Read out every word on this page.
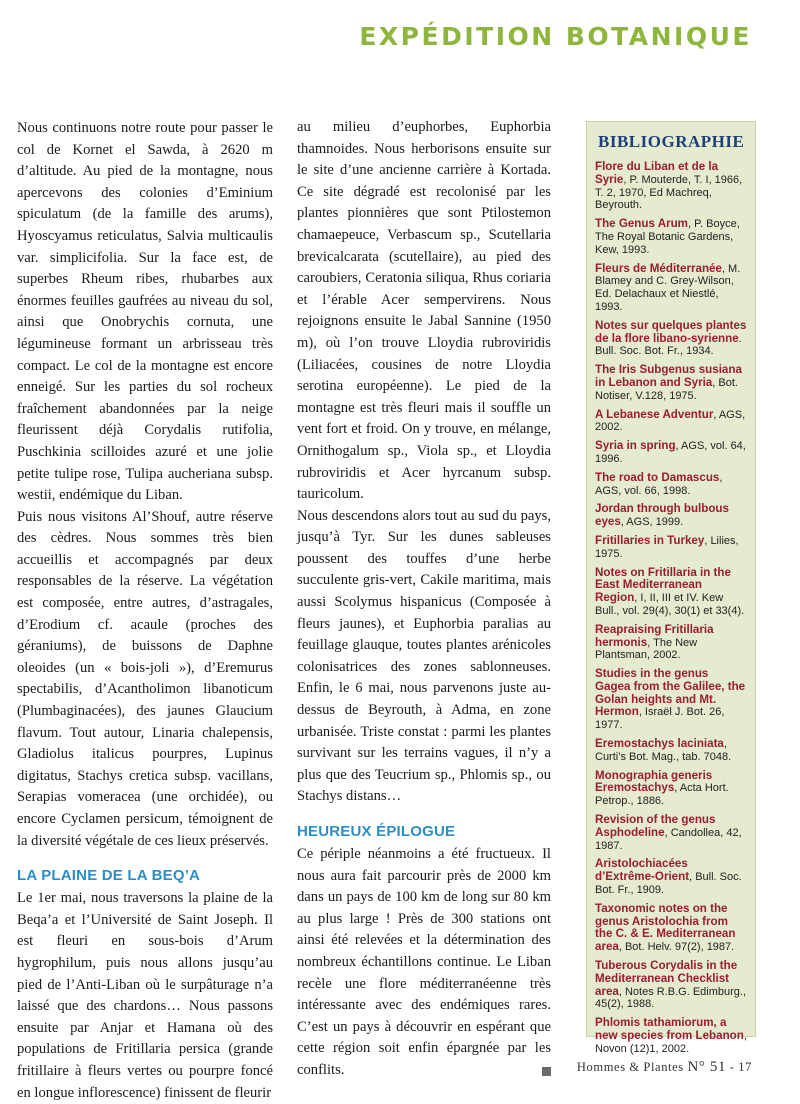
EXPÉDITION BOTANIQUE

Nous continuons notre route pour passer le col de Kornet el Sawda, à 2620 m d’altitude. Au pied de la montagne, nous apercevons des colonies d’Eminium spiculatum (de la famille des arums), Hyoscyamus reticulatus, Salvia multicaulis var. simplicifolia. Sur la face est, de superbes Rheum ribes, rhubarbes aux énormes feuilles gaufrées au niveau du sol, ainsi que Onobrychis cornuta, une légumineuse formant un arbrisseau très compact. Le col de la montagne est encore enneigé. Sur les parties du sol rocheux fraîchement abandonnées par la neige fleurissent déjà Corydalis rutifolia, Puschkinia scilloides azuré et une jolie petite tulipe rose, Tulipa aucheriana subsp. westii, endémique du Liban.

Puis nous visitons Al’Shouf, autre réserve des cèdres. Nous sommes très bien accueillis et accompagnés par deux responsables de la réserve. La végétation est composée, entre autres, d’astragales, d’Erodium cf. acaule (proches des géraniums), de buissons de Daphne oleoides (un « bois-joli »), d’Eremurus spectabilis, d’Acantholimon libanoticum (Plumbaginacées), des jaunes Glaucium flavum. Tout autour, Linaria chalepensis, Gladiolus italicus pourpres, Lupinus digitatus, Stachys cretica subsp. vacillans, Serapias vomeracea (une orchidée), ou encore Cyclamen persicum, témoignent de la diversité végétale de ces lieux préservés.

LA PLAINE DE LA BEQ’A

Le 1er mai, nous traversons la plaine de la Beqa’a et l’Université de Saint Joseph. Il est fleuri en sous-bois d’Arum hygrophilum, puis nous allons jusqu’au pied de l’Anti-Liban où le surpâturage n’a laissé que des chardons… Nous passons ensuite par Anjar et Hamana où des populations de Fritillaria persica (grande fritillaire à fleurs vertes ou pourpre foncé en longue inflorescence) finissent de fleurir

au milieu d’euphorbes, Euphorbia thamnoides. Nous herborisons ensuite sur le site d’une ancienne carrière à Kortada. Ce site dégradé est recolonisé par les plantes pionnières que sont Ptilostemon chamaepeuce, Verbascum sp., Scutellaria brevicalcarata (scutellaire), au pied des caroubiers, Ceratonia siliqua, Rhus coriaria et l’érable Acer sempervirens. Nous rejoignons ensuite le Jabal Sannine (1950 m), où l’on trouve Lloydia rubroviridis (Liliacées, cousines de notre Lloydia serotina européenne). Le pied de la montagne est très fleuri mais il souffle un vent fort et froid. On y trouve, en mélange, Ornithogalum sp., Viola sp., et Lloydia rubroviridis et Acer hyrcanum subsp. tauricolum.

Nous descendons alors tout au sud du pays, jusqu’à Tyr. Sur les dunes sableuses poussent des touffes d’une herbe succulente gris-vert, Cakile maritima, mais aussi Scolymus hispanicus (Composée à fleurs jaunes), et Euphorbia paralias au feuillage glauque, toutes plantes arénicoles colonisatrices des zones sablonneuses. Enfin, le 6 mai, nous parvenons juste au-dessus de Beyrouth, à Adma, en zone urbanisée. Triste constat : parmi les plantes survivant sur les terrains vagues, il n’y a plus que des Teucrium sp., Phlomis sp., ou Stachys distans…

HEUREUX ÉPILOGUE

Ce périple néanmoins a été fructueux. Il nous aura fait parcourir près de 2000 km dans un pays de 100 km de long sur 80 km au plus large ! Près de 300 stations ont ainsi été relevées et la détermination des nombreux échantillons continue. Le Liban recèle une flore méditerranéenne très intéressante avec des endémiques rares. C’est un pays à découvrir en espérant que cette région soit enfin épargnée par les conflits.

BIBLIOGRAPHIE
Flore du Liban et de la Syrie, P. Mouterde, T. I, 1966, T. 2, 1970, Ed Machreq, Beyrouth.
The Genus Arum, P. Boyce, The Royal Botanic Gardens, Kew, 1993.
Fleurs de Méditerranée, M. Blamey and C. Grey-Wilson, Ed. Delachaux et Niestlé, 1993.
Notes sur quelques plantes de la flore libano-syrienne. Bull. Soc. Bot. Fr., 1934.
The Iris Subgenus susiana in Lebanon and Syria, Bot. Notiser, V.128, 1975.
A Lebanese Adventur, AGS, 2002.
Syria in spring, AGS, vol. 64, 1996.
The road to Damascus, AGS, vol. 66, 1998.
Jordan through bulbous eyes, AGS, 1999.
Fritillaries in Turkey, Lilies, 1975.
Notes on Fritillaria in the East Mediterranean Region, I, II, III et IV. Kew Bull., vol. 29(4), 30(1) et 33(4).
Reapraising Fritillaria hermonis, The New Plantsman, 2002.
Studies in the genus Gagea from the Galilee, the Golan heights and Mt. Hermon, Israël J. Bot. 26, 1977.
Eremostachys laciniata, Curti’s Bot. Mag., tab. 7048.
Monographia generis Eremostachys, Acta Hort. Petrop., 1886.
Revision of the genus Asphodeline, Candollea, 42, 1987.
Aristolochiacées d’Extrême-Orient, Bull. Soc. Bot. Fr., 1909.
Taxonomic notes on the genus Aristolochia from the C. & E. Mediterranean area, Bot. Helv. 97(2), 1987.
Tuberous Corydalis in the Mediterranean Checklist area, Notes R.B.G. Edimburg., 45(2), 1988.
Phlomis tathamiorum, a new species from Lebanon, Novon (12)1, 2002.
Hommes & Plantes N° 51 - 17
